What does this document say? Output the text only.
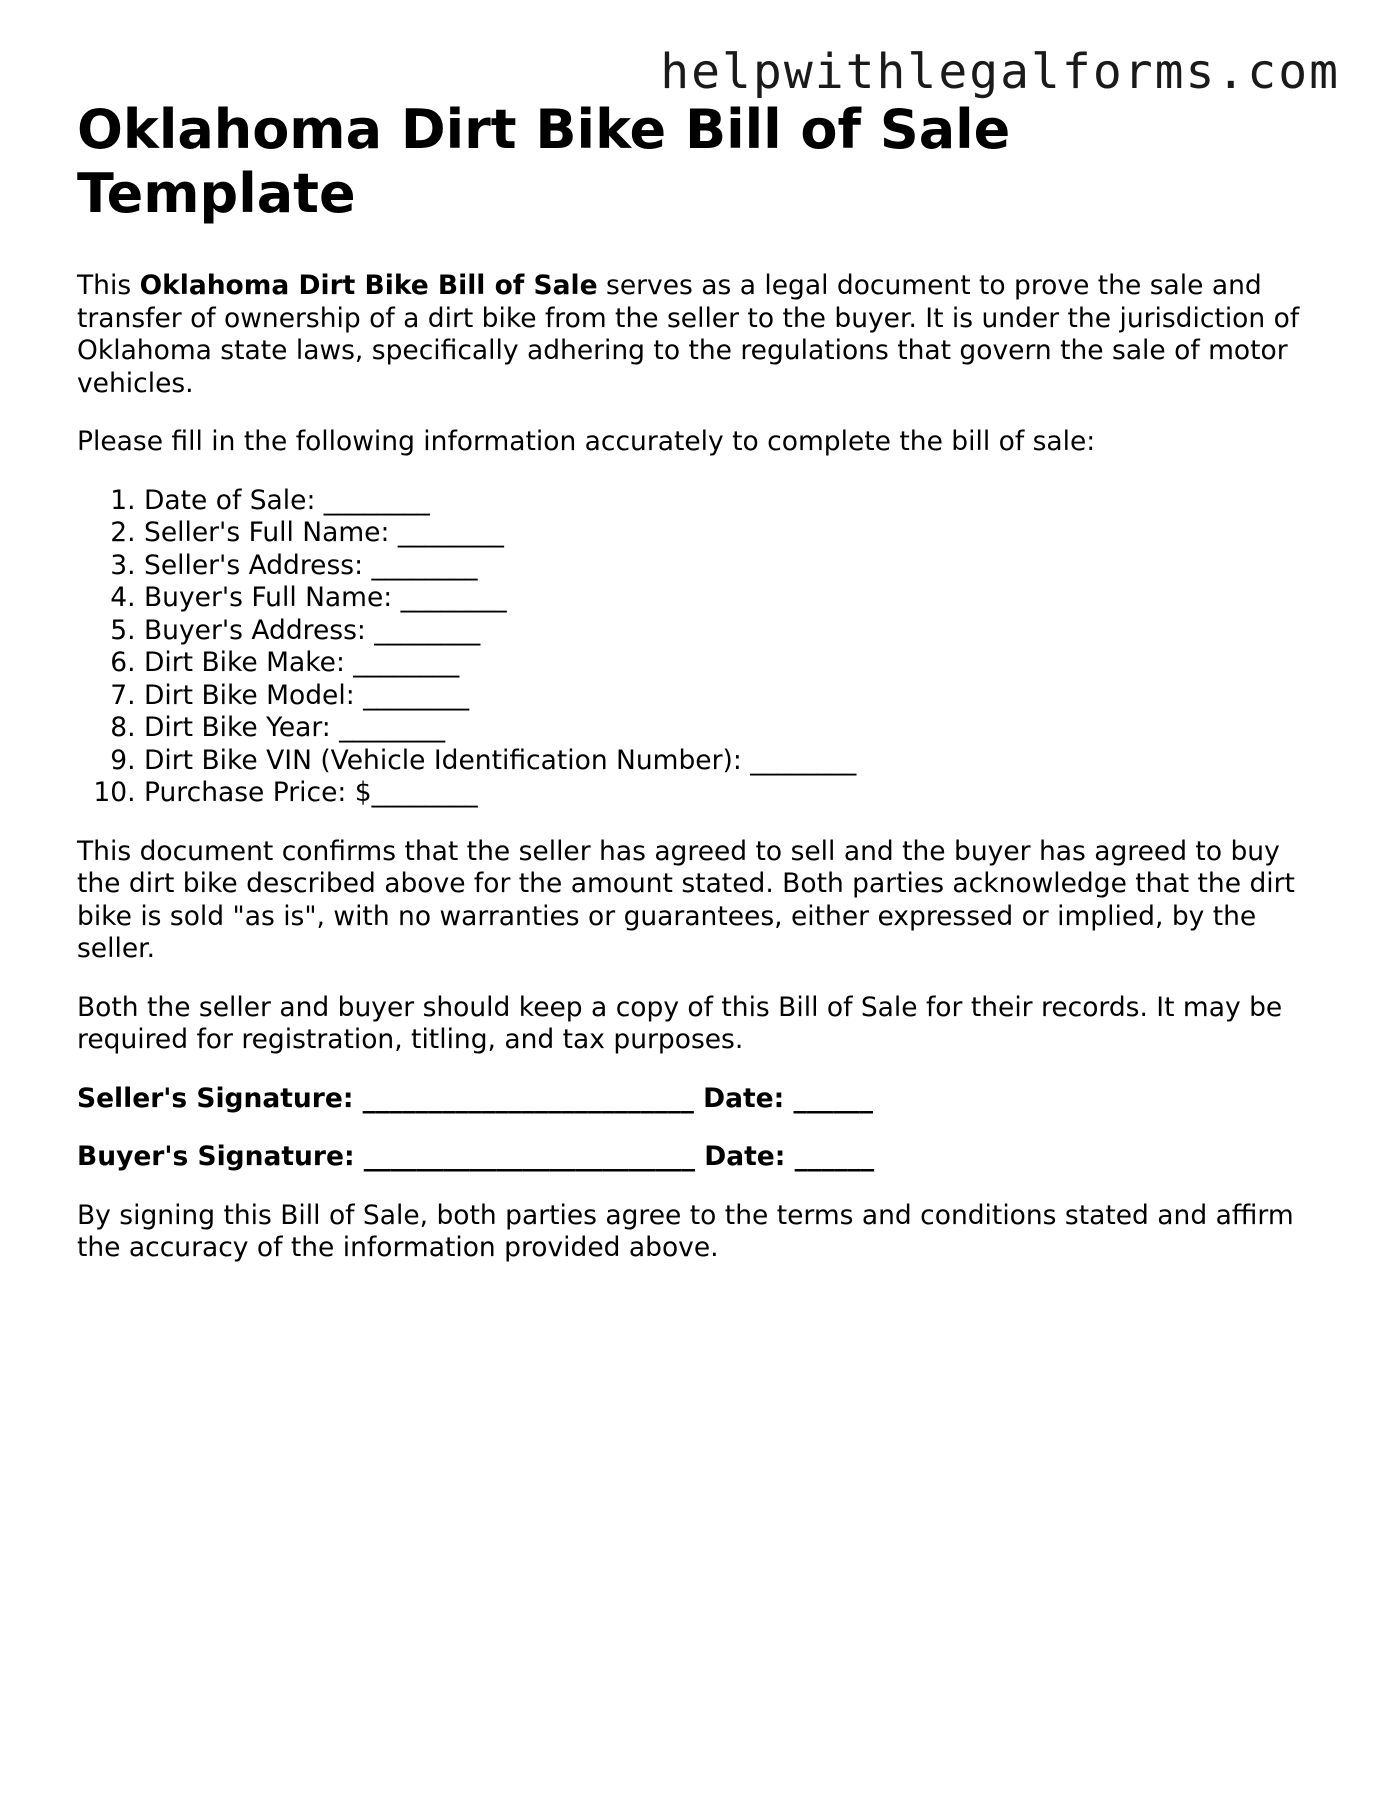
helpwithlegalforms.com
Oklahoma Dirt Bike Bill of Sale Template

This Oklahoma Dirt Bike Bill of Sale serves as a legal document to prove the sale and transfer of ownership of a dirt bike from the seller to the buyer. It is under the jurisdiction of Oklahoma state laws, specifically adhering to the regulations that govern the sale of motor vehicles.

Please fill in the following information accurately to complete the bill of sale:

1. Date of Sale: ________
2. Seller's Full Name: ________
3. Seller's Address: ________
4. Buyer's Full Name: ________
5. Buyer's Address: ________
6. Dirt Bike Make: ________
7. Dirt Bike Model: ________
8. Dirt Bike Year: ________
9. Dirt Bike VIN (Vehicle Identification Number): ________
10. Purchase Price: $________

This document confirms that the seller has agreed to sell and the buyer has agreed to buy the dirt bike described above for the amount stated. Both parties acknowledge that the dirt bike is sold "as is", with no warranties or guarantees, either expressed or implied, by the seller.

Both the seller and buyer should keep a copy of this Bill of Sale for their records. It may be required for registration, titling, and tax purposes.

Seller's Signature: _________________________ Date: ______

Buyer's Signature: _________________________ Date: ______

By signing this Bill of Sale, both parties agree to the terms and conditions stated and affirm the accuracy of the information provided above.
